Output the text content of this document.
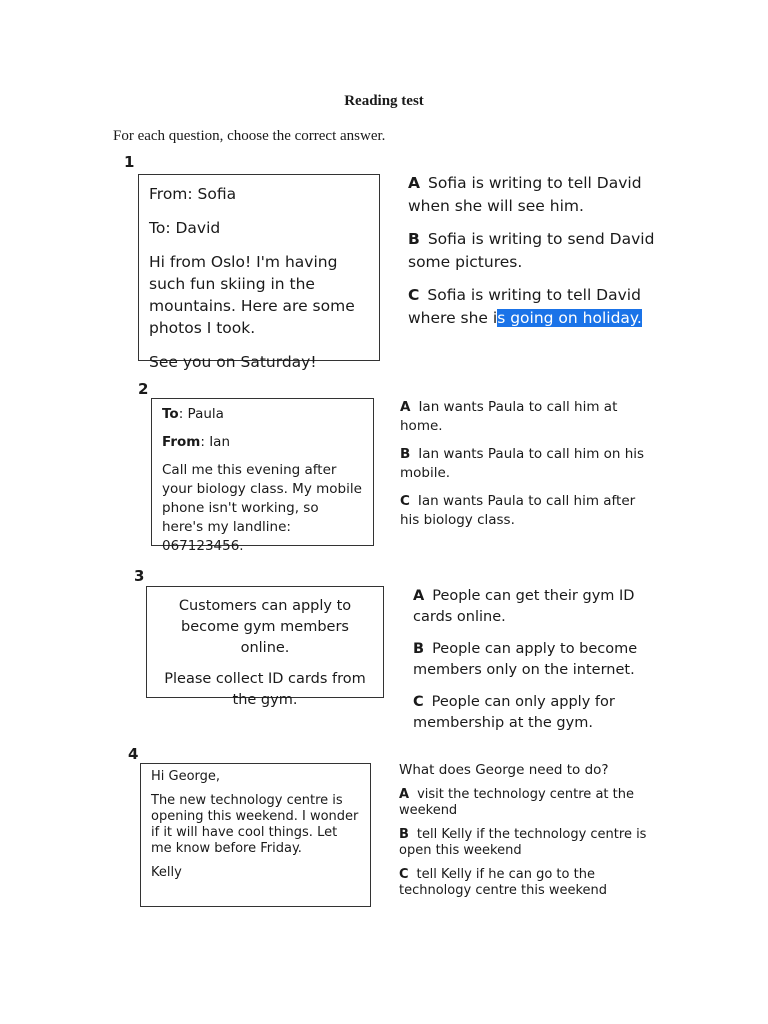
Reading test
For each question, choose the correct answer.
1

From: Sofia

To: David

Hi from Oslo! I'm having such fun skiing in the mountains. Here are some photos I took.

See you on Saturday!

A Sofia is writing to tell David when she will see him.

B Sofia is writing to send David some pictures.

C Sofia is writing to tell David where she is going on holiday.

2

To: Paula

From: Ian

Call me this evening after your biology class. My mobile phone isn't working, so here's my landline: 067123456.

A Ian wants Paula to call him at home.

B Ian wants Paula to call him on his mobile.

C Ian wants Paula to call him after his biology class.

3

Customers can apply to become gym members online.

Please collect ID cards from the gym.

A People can get their gym ID cards online.

B People can apply to become members only on the internet.

C People can only apply for membership at the gym.

4

Hi George,

The new technology centre is opening this weekend. I wonder if it will have cool things. Let me know before Friday.

Kelly

What does George need to do?

A visit the technology centre at the weekend

B tell Kelly if the technology centre is open this weekend

C tell Kelly if he can go to the technology centre this weekend
